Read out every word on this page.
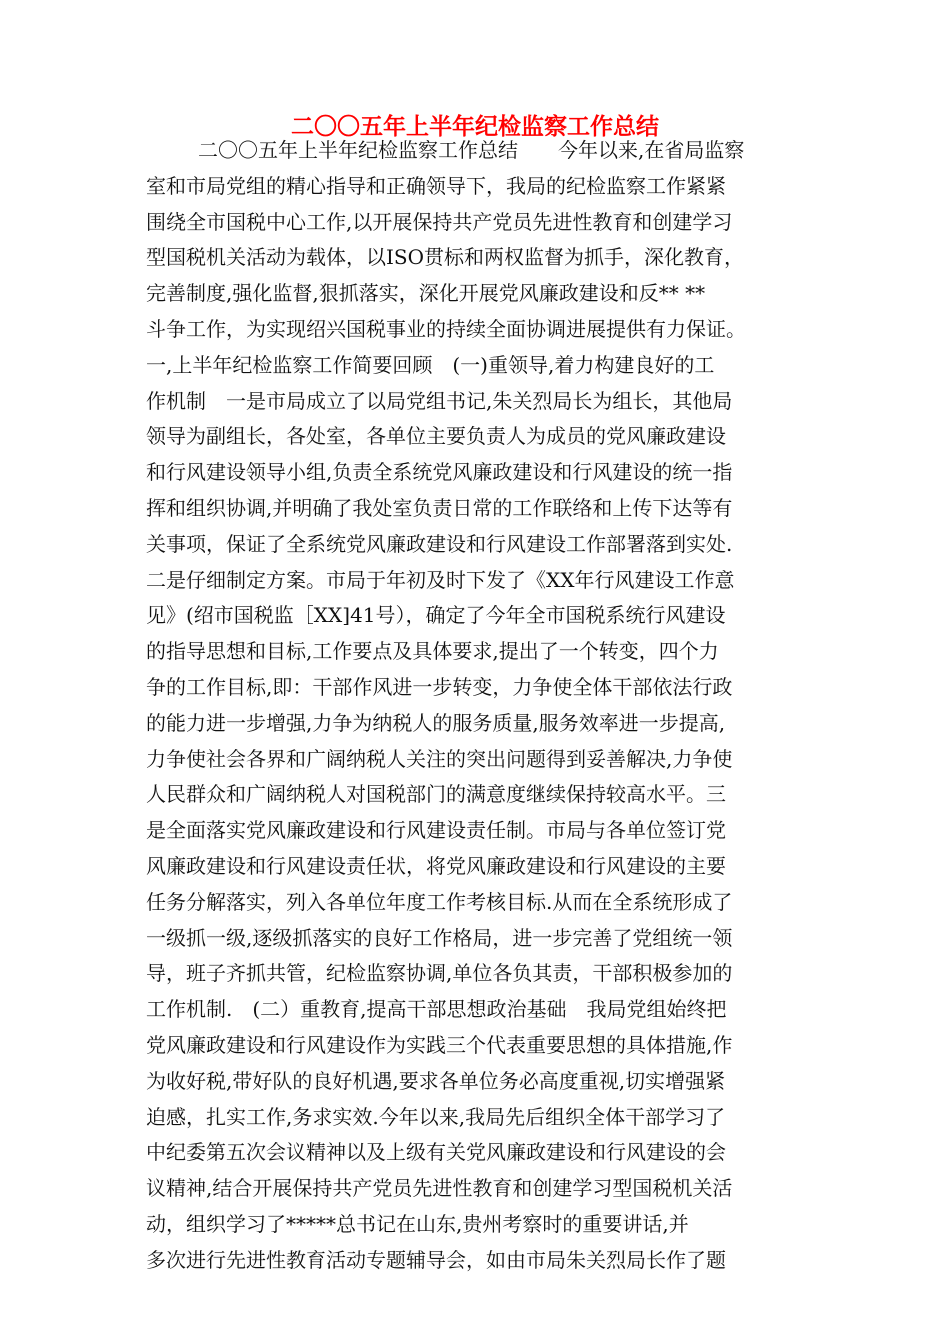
二〇〇五年上半年纪检监察工作总结
二〇〇五年上半年纪检监察工作总结　　今年以来,在省局监察
室和市局党组的精心指导和正确领导下，我局的纪检监察工作紧紧
围绕全市国税中心工作,以开展保持共产党员先进性教育和创建学习
型国税机关活动为载体，以ISO贯标和两权监督为抓手，深化教育，
完善制度,强化监督,狠抓落实，深化开展党风廉政建设和反** **
斗争工作，为实现绍兴国税事业的持续全面协调进展提供有力保证。
一,上半年纪检监察工作简要回顾　(一)重领导,着力构建良好的工
作机制　一是市局成立了以局党组书记,朱关烈局长为组长，其他局
领导为副组长，各处室，各单位主要负责人为成员的党风廉政建设
和行风建设领导小组,负责全系统党风廉政建设和行风建设的统一指
挥和组织协调,并明确了我处室负责日常的工作联络和上传下达等有
关事项，保证了全系统党风廉政建设和行风建设工作部署落到实处.
二是仔细制定方案。市局于年初及时下发了《XX年行风建设工作意
见》(绍市国税监［XX]41号），确定了今年全市国税系统行风建设
的指导思想和目标,工作要点及具体要求,提出了一个转变，四个力
争的工作目标,即：干部作风进一步转变，力争使全体干部依法行政
的能力进一步增强,力争为纳税人的服务质量,服务效率进一步提高,
力争使社会各界和广阔纳税人关注的突出问题得到妥善解决,力争使
人民群众和广阔纳税人对国税部门的满意度继续保持较高水平。三
是全面落实党风廉政建设和行风建设责任制。市局与各单位签订党
风廉政建设和行风建设责任状，将党风廉政建设和行风建设的主要
任务分解落实，列入各单位年度工作考核目标.从而在全系统形成了
一级抓一级,逐级抓落实的良好工作格局，进一步完善了党组统一领
导，班子齐抓共管，纪检监察协调,单位各负其责，干部积极参加的
工作机制.　(二）重教育,提高干部思想政治基础　我局党组始终把
党风廉政建设和行风建设作为实践三个代表重要思想的具体措施,作
为收好税,带好队的良好机遇,要求各单位务必高度重视,切实增强紧
迫感，扎实工作,务求实效.今年以来,我局先后组织全体干部学习了
中纪委第五次会议精神以及上级有关党风廉政建设和行风建设的会
议精神,结合开展保持共产党员先进性教育和创建学习型国税机关活
动，组织学习了*****总书记在山东,贵州考察时的重要讲话,并
多次进行先进性教育活动专题辅导会，如由市局朱关烈局长作了题
